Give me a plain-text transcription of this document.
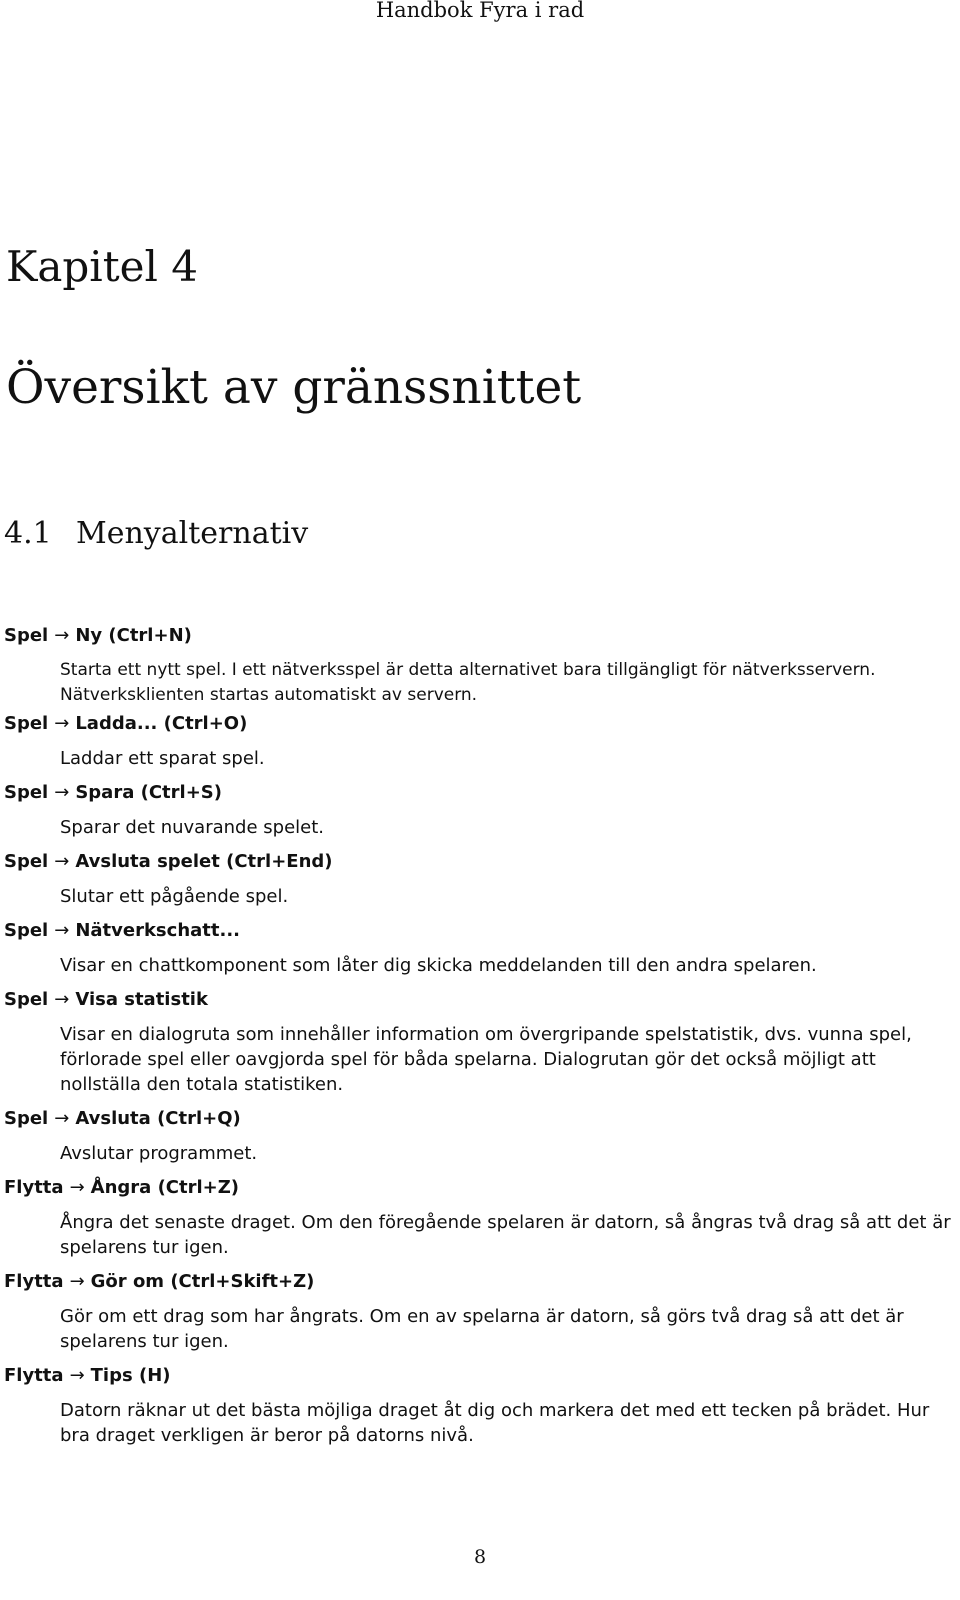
Handbok Fyra i rad
Kapitel 4
Översikt av gränssnittet
4.1 Menyalternativ
Spel → Ny (Ctrl+N)
Starta ett nytt spel. I ett nätverksspel är detta alternativet bara tillgängligt för nätverksservern. Nätverksklienten startas automatiskt av servern.
Spel → Ladda... (Ctrl+O)
Laddar ett sparat spel.
Spel → Spara (Ctrl+S)
Sparar det nuvarande spelet.
Spel → Avsluta spelet (Ctrl+End)
Slutar ett pågående spel.
Spel → Nätverkschatt...
Visar en chattkomponent som låter dig skicka meddelanden till den andra spelaren.
Spel → Visa statistik
Visar en dialogruta som innehåller information om övergripande spelstatistik, dvs. vunna spel, förlorade spel eller oavgjorda spel för båda spelarna. Dialogrutan gör det också möjligt att nollställa den totala statistiken.
Spel → Avsluta (Ctrl+Q)
Avslutar programmet.
Flytta → Ångra (Ctrl+Z)
Ångra det senaste draget. Om den föregående spelaren är datorn, så ångras två drag så att det är spelarens tur igen.
Flytta → Gör om (Ctrl+Skift+Z)
Gör om ett drag som har ångrats. Om en av spelarna är datorn, så görs två drag så att det är spelarens tur igen.
Flytta → Tips (H)
Datorn räknar ut det bästa möjliga draget åt dig och markera det med ett tecken på brädet. Hur bra draget verkligen är beror på datorns nivå.
8
